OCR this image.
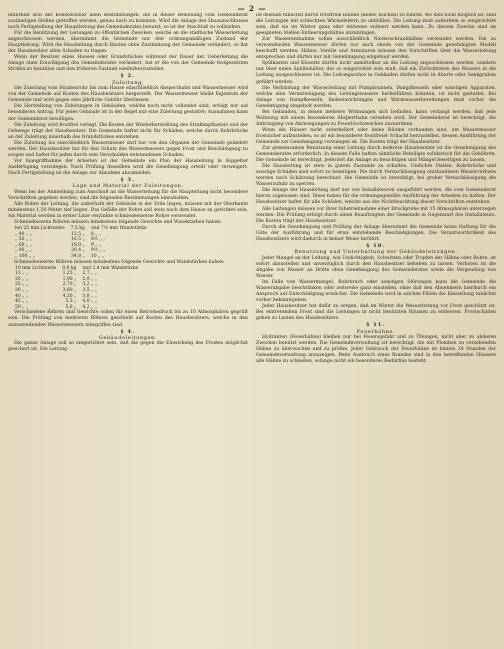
— 2 —

unterhält sich der Konzessionär allen Bestimmungen, die in dieser Beziehung vom Gemeinderat zuständigen Stellen getroffen werden, genau nach zu kommen. Wird die Anlage des Hausanschlusses nach Fertigstellung der Hauptleitung des Gemeinderates benutzt, so ist der Anschluß zu vollziehen.

Für die Benützung der Leitungen zu öffentlichen Zwecken, welche an die städtische Wasserleitung angeschlossen werden, übernimmt die Gemeinde nur den ordnungsmäßigen Zustand der Hauptleitung. Wird die Hausleitung durch Bauten ohne Zustimmung der Gemeinde verändert, so hat der Hausbesitzer allen Schaden zu tragen.

Wenn der Besitzer eines Hauses oder Grundstückes während der Dauer der Ueberleitung die Anlage ohne Einwilligung des Gemeinderates verändert, hat er die von der Gemeinde festgesetzten Strafen zu bezahlen und den früheren Zustand wiederherzustellen.

§ 2.
Zuleitung.

Die Zuleitung vom Straßenrohr bis zum Hause einschließlich Absperrhahn und Wassermesser wird von der Gemeinde auf Kosten des Hausbesitzers hergestellt. Der Wassermesser bleibt Eigentum der Gemeinde und wird gegen eine jährliche Gebühr überlassen.

Die Herstellung von Zuleitungen in Gebäuden, welche noch nicht vollendet sind, erfolgt nur auf besonderen Antrag. Für jedes Gebäude ist in der Regel nur eine Zuleitung gestattet; Ausnahmen kann der Gemeinderat bewilligen.

Die Zuleitung wird frostfrei verlegt. Die Kosten der Wiederherstellung des Straßenpflasters und der Gehwege trägt der Hausbesitzer. Die Gemeinde haftet nicht für Schäden, welche durch Rohrbrüche an der Zuleitung innerhalb des Grundstückes entstehen.

Die Zuleitung bis einschließlich Wassermesser darf nur von den Organen der Gemeinde geändert werden. Der Hausbesitzer hat für den Schutz des Wassermessers gegen Frost und Beschädigung zu sorgen und haftet für jeden durch sein Verschulden entstandenen Schaden.

Vor Inangriffnahme der Arbeiten ist der Gemeinde ein Plan der Hausleitung in doppelter Ausfertigung vorzulegen. Nach Prüfung desselben wird die Genehmigung erteilt oder verweigert. Nach Fertigstellung ist die Anlage zur Abnahme anzumelden.

§ 3.
Lage und Material der Zuleitungen.

Wenn bei der Anmeldung zum Anschluß an die Wasserleitung für die Haupteitung nicht besondere Vorschriften gegeben werden, sind die folgenden Bestimmungen einzuhalten.

Alle Rohre der Leitung, die außerhalb der Gebäude in der Erde liegen, müssen mit der Oberkante mindestens 1,50 Meter tief liegen. Das Gefälle der Rohre soll stets nach dem Hause zu gerichtet sein. Als Material werden in erster Linie verzinkte schmiedeeiserne Rohre verwendet.

Schmiedeiserne Röhren müssen mindestens folgende Gewichte und Wandstärken haben:

bei 25 mm Lichtweite	7,5 kg	und 7½ mm Wandstärke
„ 40 „ „	12,5 „	8 „ „
„ 50 „ „	16,5 „	8½ „ „
„ 60 „ „	19,0 „	9 „ „
„ 80 „ „	20,4 „	9½ „ „
„ 100 „ „	34,8 „	10 „ „

Schmiedeeiserne Röhren müssen mindestens folgende Gewichte und Wandstärken haben:

10 mm Lichtweite	0,8 kg	und 2,4 mm Wandstärke
13 „ „	1,25 „	2,7 „ „
20 „ „	1,90 „	2,9 „ „
25 „ „	2,70 „	3,2 „ „
30 „ „	3,60 „	3,5 „ „
40 „ „	4,20 „	3,8 „ „
45 „ „	5,3 „	4,0 „ „
50 „ „	5,6 „	4,2 „ „

Verschiedene Röhren und Gewichte sollen für einen Betriebsdruck bis zu 10 Atmosphären geprüft sein. Die Prüfung von mehreren Röhren geschieht auf Kosten des Hausbesitzers, welche in den anzuwendenden Wassermessern inbegriffen sind.

§ 4.
Gebäudeleitungen.

Die ganze Anlage soll so eingerichtet sein, daß die gegen die Einwirkung des Frostes möglichst gesichert ist. Die Leitung

ist deshalb tunlichst durch frostfreie Räume (Keller, Küchen) zu führen. Wo dies nicht möglich ist, sind die Leitungen mit schlechten Wärmeleitern zu umhüllen. Die Leitung muß außerdem so eingerichtet sein, daß sie im Winter ganz oder teilweise entleert werden kann. Zu diesem Zwecke sind an geeigneten Stellen Entleerungshähne anzubringen.

Zur Wasserentnahme sollen ausschließlich Niederschraubhähne verwendet werden. Die zu verwendenden Wassermesser dürfen nur nach einem von der Gemeinde genehmigten Modell beschafft werden. Hähne, Ventile und Armaturen müssen den Vorschriften über die Wasserleitung entsprechen und dürfen nur mit Genehmigung eingebaut werden.

Spülkasten und Klosetts dürfen nicht unmittelbar an die Leitung angeschlossen werden, sondern nur über einen Spülbehälter, der so eingerichtet sein muß, daß ein Zurücktreten des Wassers in die Leitung ausgeschlossen ist. Die Leitungsrohre in Gebäuden dürfen nicht in Aborte oder Senkgruben geführt werden.

Die Verbindung der Wasserleitung mit Pumpbrunnen, Dampfkesseln oder sonstigen Apparaten, welche eine Verunreinigung des Leitungswassers herbeiführen könnten, ist nicht gestattet. Bei Anlage von Dampfkesseln, Badeeinrichtungen und Warmwasserbereitungen muß vorher die Genehmigung eingeholt werden.

Bei Gebäuden, in denen mehrere Wohnungen sich befinden, kann verlangt werden, daß jede Wohnung mit einem besonderen Absperrhahn versehen wird. Der Gemeinderat ist berechtigt, die Anbringung von Abzweigungen zu Feuerlöschzwecken anzuordnen.

Wenn die Häuser nicht unterkellert oder keine Räume vorhanden sind, um Wassermesser frostsicher aufzustellen, so ist ein besonderer frostfreier Schacht herzustellen, dessen Ausführung der Gemeinde zur Genehmigung vorzulegen ist. Die Kosten trägt der Hausbesitzer.

Zur gemeinsamen Benützung einer Leitung durch mehrere Hausbesitzer ist die Genehmigung des Gemeinderates erforderlich. In diesem Falle haften sämtliche Beteiligte solidarisch für die Gebühren. Die Gemeinde ist berechtigt, jederzeit die Anlage zu besichtigen und Mängel beseitigen zu lassen.

Die Hausleitung ist stets in gutem Zustande zu erhalten. Undichte Stellen, Rohrbrüche und sonstige Schäden sind sofort zu beseitigen. Die durch Vernachlässigung entstandenen Wasserverluste werden nach Schätzung berechnet. Die Gemeinde ist berechtigt, bei grober Vernachlässigung die Wasserzufuhr zu sperren.

Die Anlage der Hausleitung darf nur von Installateuren ausgeführt werden, die vom Gemeinderat hierzu zugelassen sind. Diese haben für die ordnungsgemäße Ausführung der Arbeiten zu haften. Der Hausbesitzer haftet für alle Schäden, welche aus der Nichtbeachtung dieser Vorschriften entstehen.

Alle Leitungen müssen vor ihrer Inbetriebnahme einer Druckprobe mit 15 Atmosphären unterzogen werden. Die Prüfung erfolgt durch einen Beauftragten der Gemeinde in Gegenwart des Installateurs. Die Kosten trägt der Hausbesitzer.

Durch die Genehmigung und Prüfung der Anlage übernimmt die Gemeinde keine Haftung für die Güte der Ausführung und für etwa entstehende Beschädigungen. Die Verantwortlichkeit des Hausbesitzers wird dadurch in keiner Weise berührt.

§ 10.
Benutzung und Unterhaltung der Gebäudeleitungen.

Jeder Mangel an der Leitung, wie Undichtigkeit, Schwitzen oder Tropfen der Hähne oder Rohre, ist sofort abzustellen und unverzüglich durch den Hausbesitzer beheben zu lassen. Verboten ist die Abgabe von Wasser an Dritte ohne Genehmigung des Gemeinderates sowie die Vergeudung von Wasser.

Im Falle von Wassermangel, Rohrbruch oder sonstigen Störungen kann die Gemeinde die Wasserabgabe beschränken oder zeitweise ganz einstellen, ohne daß den Abnehmern hierdurch ein Anspruch auf Entschädigung erwächst. Die Gemeinde wird in solchen Fällen die Einstellung tunlichst vorher bekanntgeben.

Jeder Hausbesitzer hat dafür zu sorgen, daß im Winter die Wasserleitung vor Frost geschützt ist. Bei eintretendem Frost sind die Leitungen in nicht benützten Räumen zu entleeren. Frostschäden gehen zu Lasten des Hausbesitzers.

§ 11.
Feuerhähne.

Hydranten (Feuerhähne) bleiben nur bei Feuersgefahr und zu Übungen, nicht aber zu anderen Zwecken benützt werden. Die Gemeindeverwaltung ist berechtigt, die mit Plomben zu versehenden Hähne zu überwachen und zu prüfen. Jeder Gebrauch der Feuerhähne ist binnen 24 Stunden der Gemeindeverwaltung anzuzeigen. Beim Ausbruch eines Brandes sind in den betreffenden Häusern alle Hähne zu schließen, solange nicht ein besonderes Bedürfnis besteht.
